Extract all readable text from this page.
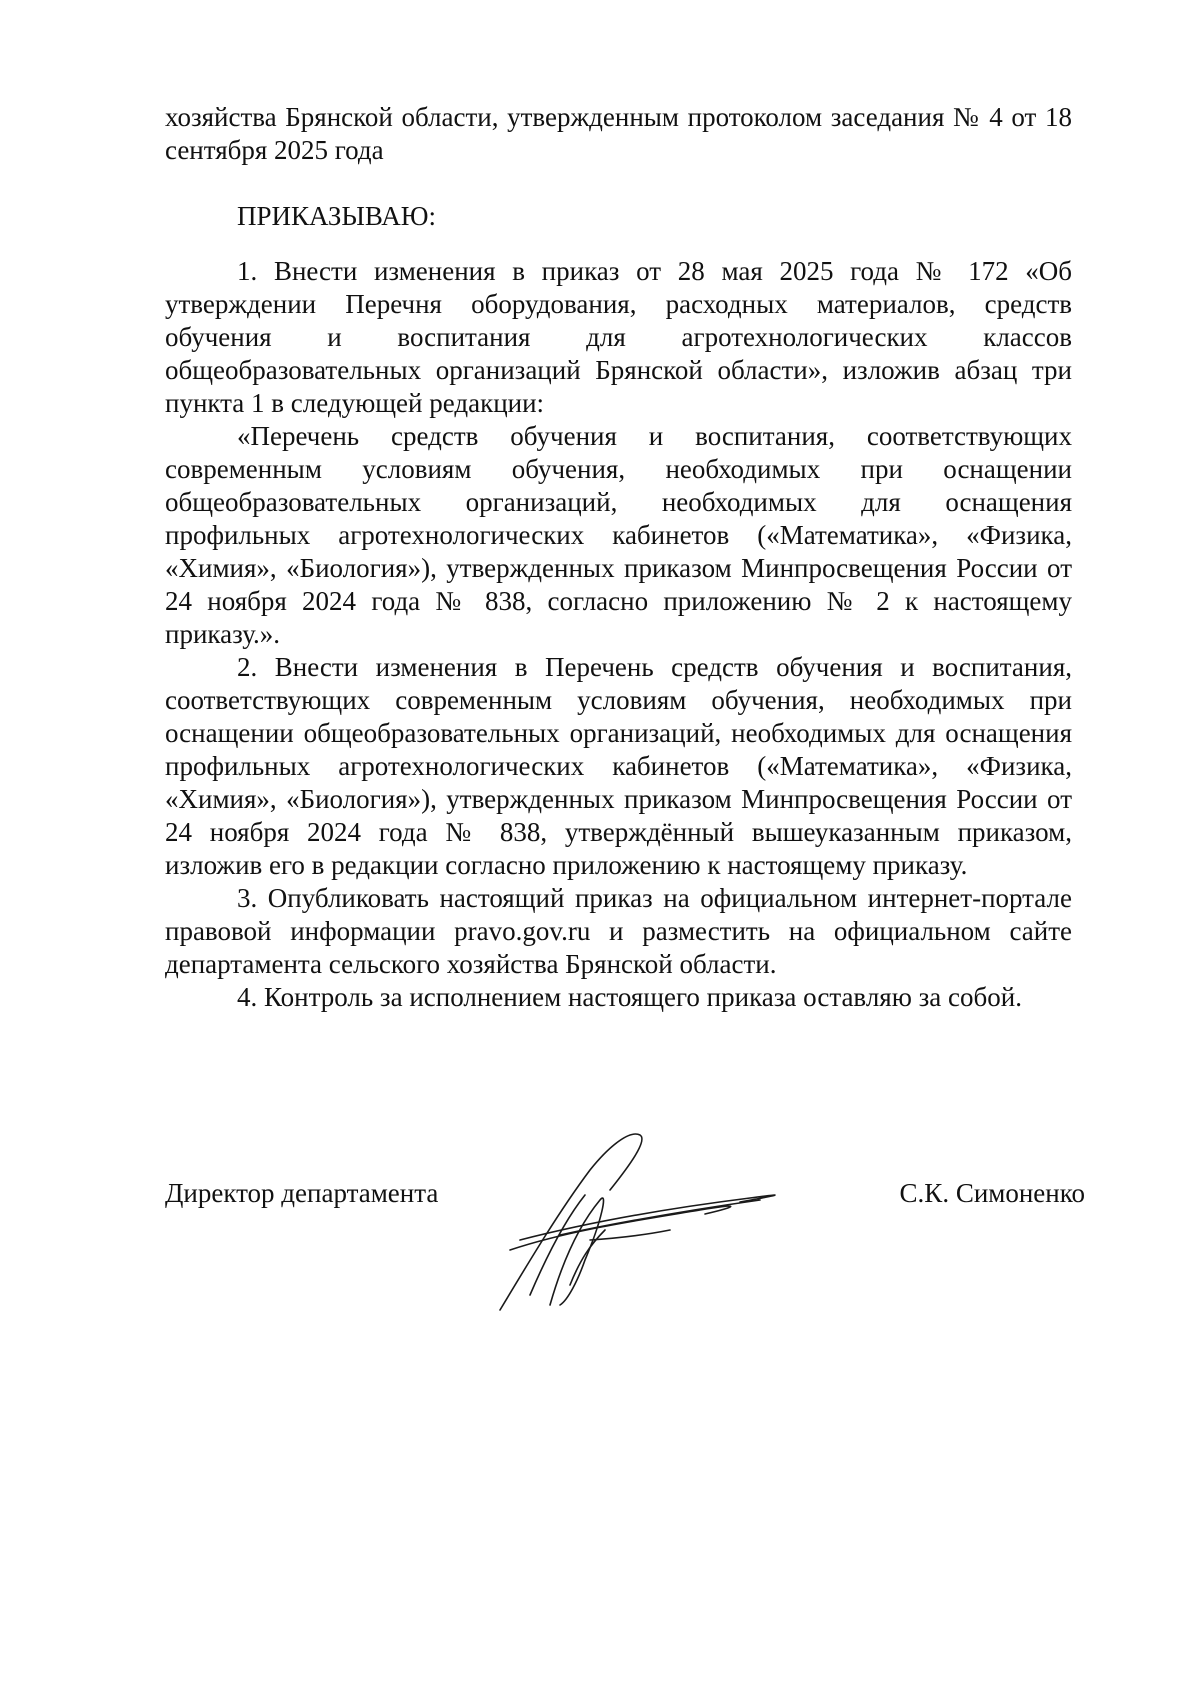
хозяйства Брянской области, утвержденным протоколом заседания № 4 от 18 сентября 2025 года

ПРИКАЗЫВАЮ:

1. Внести изменения в приказ от 28 мая 2025 года № 172 «Об утверждении Перечня оборудования, расходных материалов, средств обучения и воспитания для агротехнологических классов общеобразовательных организаций Брянской области», изложив абзац три пункта 1 в следующей редакции:

«Перечень средств обучения и воспитания, соответствующих современным условиям обучения, необходимых при оснащении общеобразовательных организаций, необходимых для оснащения профильных агротехнологических кабинетов («Математика», «Физика, «Химия», «Биология»), утвержденных приказом Минпросвещения России от 24 ноября 2024 года № 838, согласно приложению № 2 к настоящему приказу.».

2. Внести изменения в Перечень средств обучения и воспитания, соответствующих современным условиям обучения, необходимых при оснащении общеобразовательных организаций, необходимых для оснащения профильных агротехнологических кабинетов («Математика», «Физика, «Химия», «Биология»), утвержденных приказом Минпросвещения России от 24 ноября 2024 года № 838, утверждённый вышеуказанным приказом, изложив его в редакции согласно приложению к настоящему приказу.

3. Опубликовать настоящий приказ на официальном интернет-портале правовой информации pravo.gov.ru и разместить на официальном сайте департамента сельского хозяйства Брянской области.

4. Контроль за исполнением настоящего приказа оставляю за собой.

Директор департамента	С.К. Симоненко
